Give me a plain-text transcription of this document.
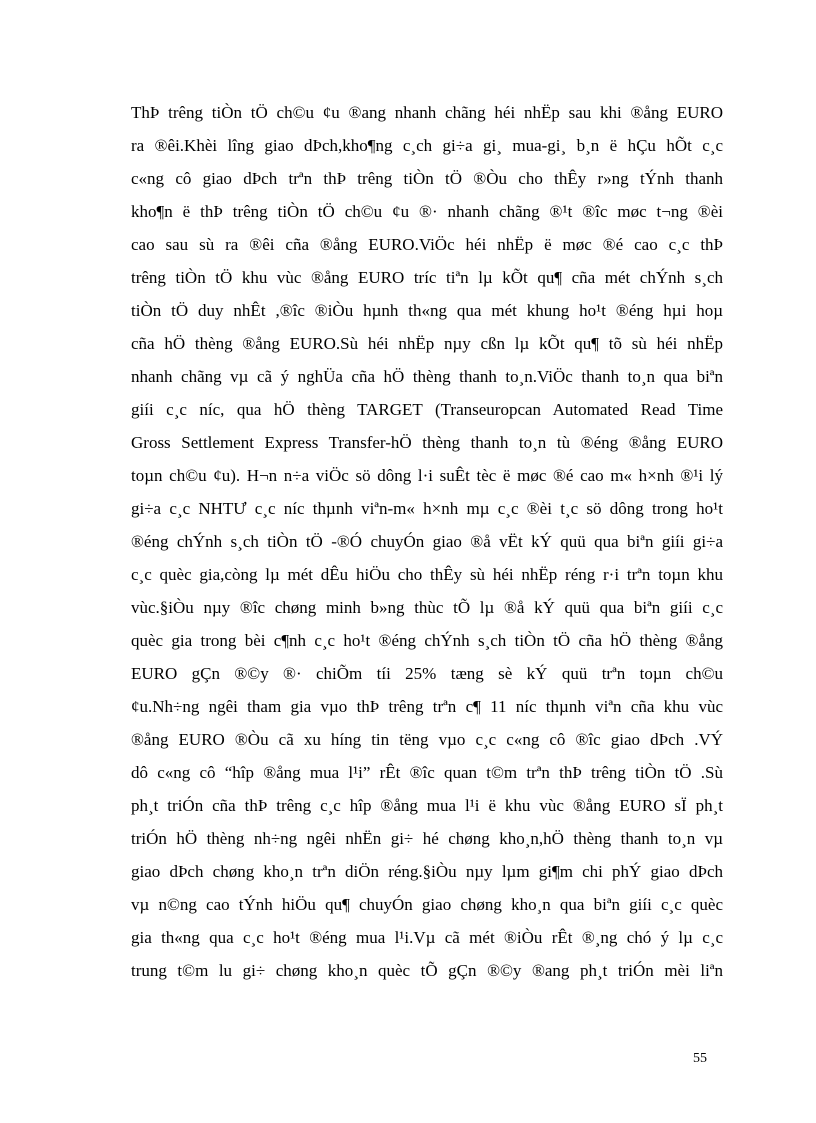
ThÞ trêng tiÒn tÖ ch©u ¢u ®ang nhanh chãng héi nhËp sau khi ®ång EURO
ra ®êi.Khèi lîng giao dÞch,kho¶ng c¸ch gi÷a gi¸ mua-gi¸ b¸n ë hÇu hÕt c¸c
c«ng cô giao dÞch trªn thÞ trêng tiÒn tÖ ®Òu cho thÊy r»ng tÝnh thanh
kho¶n ë thÞ trêng tiÒn tÖ ch©u ¢u ®· nhanh chãng ®¹t ®îc møc t¬ng ®èi
cao sau sù ra ®êi cña ®ång EURO.ViÖc héi nhËp ë møc ®é cao c¸c thÞ
trêng tiÒn tÖ khu vùc ®ång EURO tríc tiªn lµ kÕt qu¶ cña mét chÝnh s¸ch
tiÒn tÖ duy nhÊt ,®îc ®iÒu hµnh th«ng qua mét khung ho¹t ®éng hµi hoµ
cña hÖ thèng ®ång EURO.Sù héi nhËp nµy cßn lµ kÕt qu¶ tõ sù héi nhËp
nhanh chãng vµ cã ý nghÜa cña hÖ thèng thanh to¸n.ViÖc thanh to¸n qua biªn
giíi c¸c níc, qua hÖ thèng TARGET (Transeuropcan Automated Read Time
Gross Settlement Express Transfer-hÖ thèng thanh to¸n tù ®éng ®ång EURO
toµn ch©u ¢u). H¬n n÷a viÖc sö dông l·i suÊt tèc ë møc ®é cao m« h×nh ®¹i lý
gi÷a c¸c NHTƯ c¸c níc thµnh viªn-m« h×nh mµ c¸c ®èi t¸c sö dông trong ho¹t
®éng chÝnh s¸ch tiÒn tÖ -®Ó chuyÓn giao ®å vËt kÝ quü qua biªn giíi gi÷a
c¸c quèc gia,còng lµ mét dÊu hiÖu cho thÊy sù héi nhËp réng r·i trªn toµn khu
vùc.§iÒu nµy ®îc chøng minh b»ng thùc tÕ lµ ®å kÝ quü qua biªn giíi c¸c
quèc gia trong bèi c¶nh c¸c ho¹t ®éng chÝnh s¸ch tiÒn tÖ cña hÖ thèng ®ång
EURO gÇn ®©y ®· chiÕm tíi 25% tæng sè kÝ quü trªn toµn ch©u
¢u.Nh÷ng ngêi tham gia vµo thÞ trêng trªn c¶ 11 níc thµnh viªn cña khu vùc
®ång EURO ®Òu cã xu híng tin tëng vµo c¸c c«ng cô ®îc giao dÞch .VÝ
dô c«ng cô “hîp ®ång mua l¹i” rÊt ®îc quan t©m trªn thÞ trêng tiÒn tÖ .Sù
ph¸t triÓn cña thÞ trêng c¸c hîp ®ång mua l¹i ë khu vùc ®ång EURO sÏ ph¸t
triÓn hÖ thèng nh÷ng ngêi nhËn gi÷ hé chøng kho¸n,hÖ thèng thanh to¸n vµ
giao dÞch chøng kho¸n trªn diÖn réng.§iÒu nµy lµm gi¶m chi phÝ giao dÞch
vµ n©ng cao tÝnh hiÖu qu¶ chuyÓn giao chøng kho¸n qua biªn giíi c¸c quèc
gia th«ng qua c¸c ho¹t ®éng mua l¹i.Vµ cã mét ®iÒu rÊt ®¸ng chó ý lµ c¸c
trung t©m lu gi÷ chøng kho¸n quèc tÕ gÇn ®©y ®ang ph¸t triÓn mèi liªn
55
